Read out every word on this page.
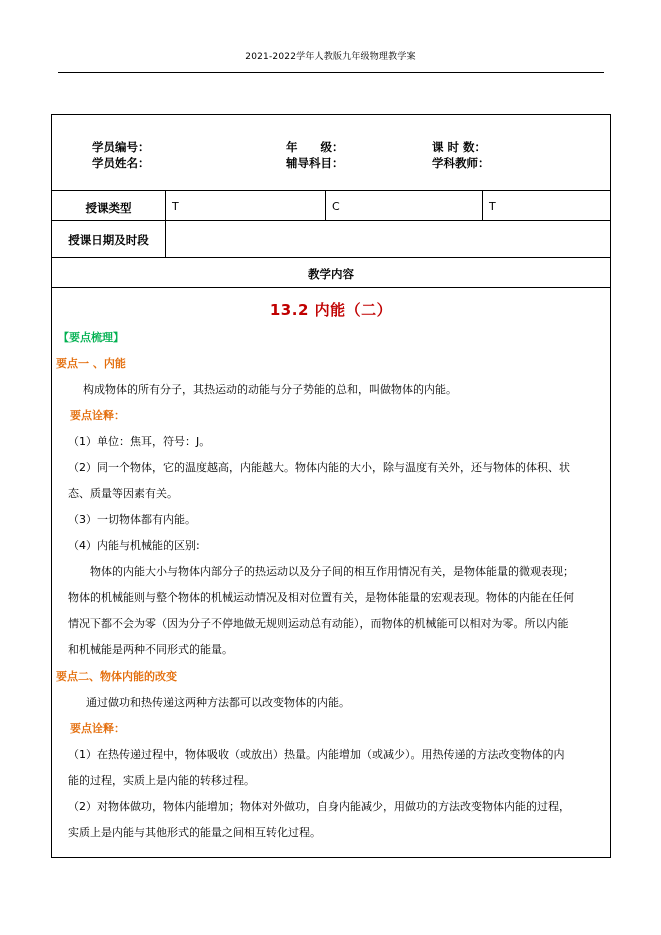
2021-2022学年人教版九年级物理教学案
学员编号：	年　　级：	课 时 数：
学员姓名：	辅导科目：	学科教师：
授课类型	T	C	T
授课日期及时段
教学内容
13.2 内能（二）
【要点梳理】
要点一 、内能
构成物体的所有分子，其热运动的动能与分子势能的总和，叫做物体的内能。
要点诠释：
（1）单位：焦耳，符号：J。
（2）同一个物体，它的温度越高，内能越大。物体内能的大小，除与温度有关外，还与物体的体积、状
态、质量等因素有关。
（3）一切物体都有内能。
（4）内能与机械能的区别:
物体的内能大小与物体内部分子的热运动以及分子间的相互作用情况有关，是物体能量的微观表现；
物体的机械能则与整个物体的机械运动情况及相对位置有关，是物体能量的宏观表现。物体的内能在任何
情况下都不会为零（因为分子不停地做无规则运动总有动能），而物体的机械能可以相对为零。所以内能
和机械能是两种不同形式的能量。
要点二、物体内能的改变
通过做功和热传递这两种方法都可以改变物体的内能。
要点诠释：
（1）在热传递过程中，物体吸收（或放出）热量。内能增加（或减少）。用热传递的方法改变物体的内
能的过程，实质上是内能的转移过程。
（2）对物体做功，物体内能增加；物体对外做功，自身内能减少，用做功的方法改变物体内能的过程，
实质上是内能与其他形式的能量之间相互转化过程。
